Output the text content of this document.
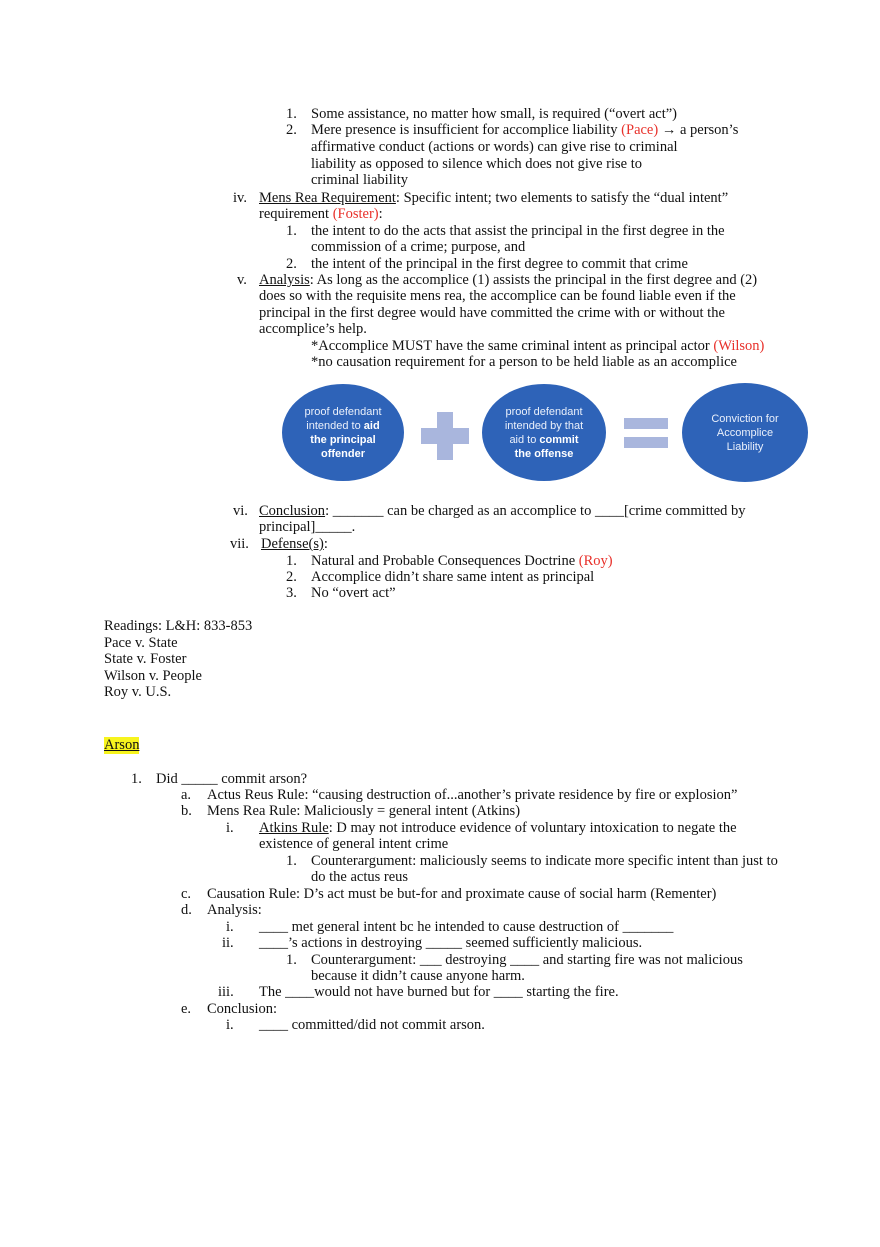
1. Some assistance, no matter how small, is required (“overt act”)
2. Mere presence is insufficient for accomplice liability (Pace) → a person’s
affirmative conduct (actions or words) can give rise to criminal
liability as opposed to silence which does not give rise to
criminal liability
iv. Mens Rea Requirement: Specific intent; two elements to satisfy the “dual intent”
requirement (Foster):
1. the intent to do the acts that assist the principal in the first degree in the
commission of a crime; purpose, and
2. the intent of the principal in the first degree to commit that crime
v. Analysis: As long as the accomplice (1) assists the principal in the first degree and (2)
does so with the requisite mens rea, the accomplice can be found liable even if the
principal in the first degree would have committed the crime with or without the
accomplice’s help.
*Accomplice MUST have the same criminal intent as principal actor (Wilson)
*no causation requirement for a person to be held liable as an accomplice
proof defendant
intended to aid
the principal
offender
proof defendant
intended by that
aid to commit
the offense
Conviction for
Accomplice
Liability
vi. Conclusion: _______ can be charged as an accomplice to ____[crime committed by
principal]_____.
vii. Defense(s):
1. Natural and Probable Consequences Doctrine (Roy)
2. Accomplice didn’t share same intent as principal
3. No “overt act”
Readings: L&H: 833-853
Pace v. State
State v. Foster
Wilson v. People
Roy v. U.S.
Arson
1. Did _____ commit arson?
a. Actus Reus Rule: “causing destruction of...another’s private residence by fire or explosion”
b. Mens Rea Rule: Maliciously = general intent (Atkins)
i. Atkins Rule: D may not introduce evidence of voluntary intoxication to negate the
existence of general intent crime
1. Counterargument: maliciously seems to indicate more specific intent than just to
do the actus reus
c. Causation Rule: D’s act must be but-for and proximate cause of social harm (Rementer)
d. Analysis:
i. ____ met general intent bc he intended to cause destruction of _______
ii. ____’s actions in destroying _____ seemed sufficiently malicious.
1. Counterargument: ___ destroying ____ and starting fire was not malicious
because it didn’t cause anyone harm.
iii. The ____would not have burned but for ____ starting the fire.
e. Conclusion:
i. ____ committed/did not commit arson.
